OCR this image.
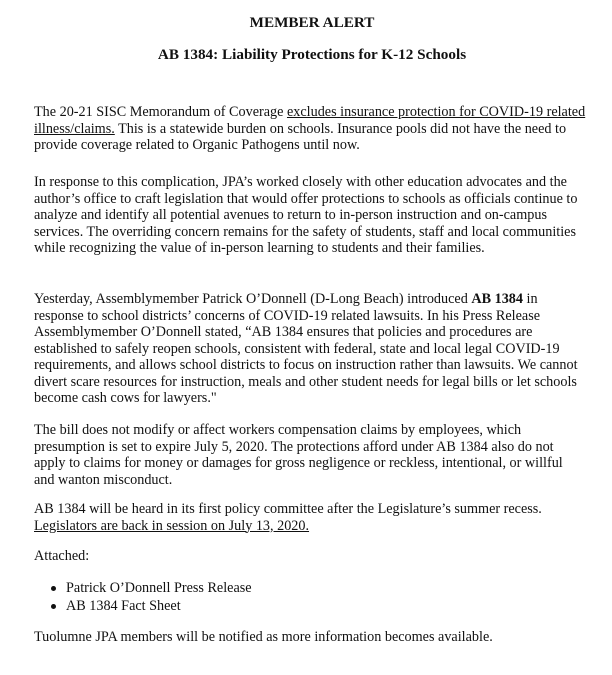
MEMBER ALERT
AB 1384: Liability Protections for K-12 Schools

The 20-21 SISC Memorandum of Coverage excludes insurance protection for COVID-19 related illness/claims. This is a statewide burden on schools. Insurance pools did not have the need to provide coverage related to Organic Pathogens until now.

In response to this complication, JPA’s worked closely with other education advocates and the author’s office to craft legislation that would offer protections to schools as officials continue to analyze and identify all potential avenues to return to in-person instruction and on-campus services. The overriding concern remains for the safety of students, staff and local communities while recognizing the value of in-person learning to students and their families.

Yesterday, Assemblymember Patrick O’Donnell (D-Long Beach) introduced AB 1384 in response to school districts’ concerns of COVID-19 related lawsuits. In his Press Release Assemblymember O’Donnell stated, “AB 1384 ensures that policies and procedures are established to safely reopen schools, consistent with federal, state and local legal COVID-19 requirements, and allows school districts to focus on instruction rather than lawsuits. We cannot divert scare resources for instruction, meals and other student needs for legal bills or let schools become cash cows for lawyers."

The bill does not modify or affect workers compensation claims by employees, which presumption is set to expire July 5, 2020. The protections afford under AB 1384 also do not apply to claims for money or damages for gross negligence or reckless, intentional, or willful and wanton misconduct.

AB 1384 will be heard in its first policy committee after the Legislature’s summer recess. Legislators are back in session on July 13, 2020.

Attached:

Patrick O’Donnell Press Release
AB 1384 Fact Sheet

Tuolumne JPA members will be notified as more information becomes available.
